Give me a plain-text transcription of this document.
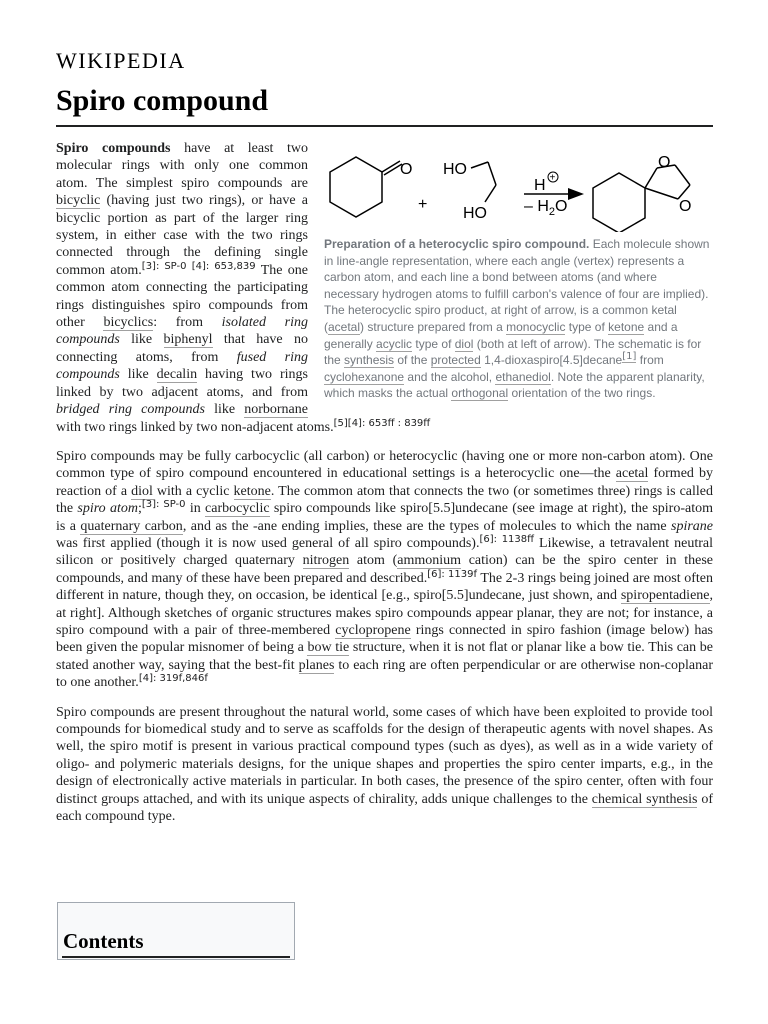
WIKIPEDIA
Spiro compound
O HO
HO
+
H
– $H_2O$
O
O
+

Preparation of a heterocyclic spiro compound. Each molecule shown in line-angle representation, where each angle (vertex) represents a carbon atom, and each line a bond between atoms (and where necessary hydrogen atoms to fulfill carbon's valence of four are implied). The heterocyclic spiro product, at right of arrow, is a common ketal (acetal) structure prepared from a monocyclic type of ketone and a generally acyclic type of diol (both at left of arrow). The schematic is for the synthesis of the protected 1,4-dioxaspiro[4.5]decane[1] from cyclohexanone and the alcohol, ethanediol. Note the apparent planarity, which masks the actual orthogonal orientation of the two rings.

Spiro compounds have at least two molecular rings with only one common atom. The simplest spiro compounds are bicyclic (having just two rings), or have a bicyclic portion as part of the larger ring system, in either case with the two rings connected through the defining single common atom.$^{[3]: SP-0}$ $^{[4]: 653,839}$ The one common atom connecting the participating rings distinguishes spiro compounds from other bicyclics: from isolated ring compounds like biphenyl that have no connecting atoms, from fused ring compounds like decalin having two rings linked by two adjacent atoms, and from bridged ring compounds like norbornane with two rings linked by two non-adjacent atoms.$^{[5][4]: 653ff : 839ff}$

Spiro compounds may be fully carbocyclic (all carbon) or heterocyclic (having one or more non-carbon atom). One common type of spiro compound encountered in educational settings is a heterocyclic one—the acetal formed by reaction of a diol with a cyclic ketone. The common atom that connects the two (or sometimes three) rings is called the spiro atom;$^{[3]: SP-0}$ in carbocyclic spiro compounds like spiro[5.5]undecane (see image at right), the spiro-atom is a quaternary carbon, and as the -ane ending implies, these are the types of molecules to which the name spirane was first applied (though it is now used general of all spiro compounds).$^{[6]: 1138ff}$ Likewise, a tetravalent neutral silicon or positively charged quaternary nitrogen atom (ammonium cation) can be the spiro center in these compounds, and many of these have been prepared and described.$^{[6]: 1139f}$ The 2-3 rings being joined are most often different in nature, though they, on occasion, be identical [e.g., spiro[5.5]undecane, just shown, and spiropentadiene, at right]. Although sketches of organic structures makes spiro compounds appear planar, they are not; for instance, a spiro compound with a pair of three-membered cyclopropene rings connected in spiro fashion (image below) has been given the popular misnomer of being a bow tie structure, when it is not flat or planar like a bow tie. This can be stated another way, saying that the best-fit planes to each ring are often perpendicular or are otherwise non-coplanar to one another.$^{[4]: 319f,846f}$

Spiro compounds are present throughout the natural world, some cases of which have been exploited to provide tool compounds for biomedical study and to serve as scaffolds for the design of therapeutic agents with novel shapes. As well, the spiro motif is present in various practical compound types (such as dyes), as well as in a wide variety of oligo- and polymeric materials designs, for the unique shapes and properties the spiro center imparts, e.g., in the design of electronically active materials in particular. In both cases, the presence of the spiro center, often with four distinct groups attached, and with its unique aspects of chirality, adds unique challenges to the chemical synthesis of each compound type.

Contents
